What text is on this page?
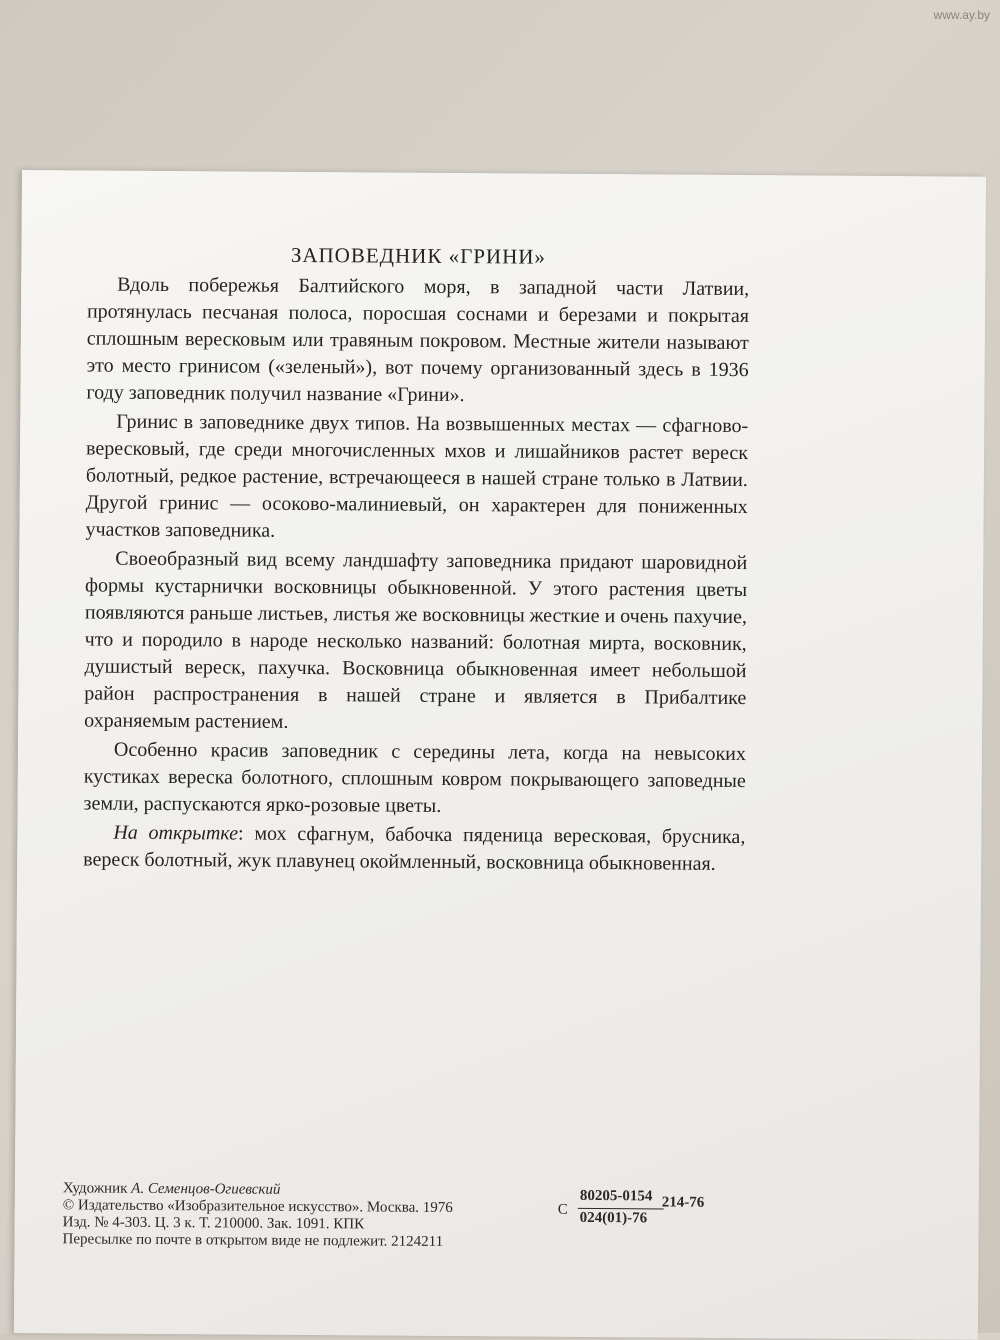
www.ay.by
ЗАПОВЕДНИК «ГРИНИ»

Вдоль побережья Балтийского моря, в западной части Латвии, протянулась песчаная полоса, поросшая соснами и березами и покрытая сплошным вересковым или травяным покровом. Местные жители называют это место гринисом («зеленый»), вот почему организованный здесь в 1936 году заповедник получил название «Грини».

Гринис в заповеднике двух типов. На возвышенных местах — сфагново-вересковый, где среди многочисленных мхов и лишайников растет вереск болотный, редкое растение, встречающееся в нашей стране только в Латвии. Другой гринис — осоково-малиниевый, он характерен для пониженных участков заповедника.

Своеобразный вид всему ландшафту заповедника придают шаровидной формы кустарнички восковницы обыкновенной. У этого растения цветы появляются раньше листьев, листья же восковницы жесткие и очень пахучие, что и породило в народе несколько названий: болотная мирта, восковник, душистый вереск, пахучка. Восковница обыкновенная имеет небольшой район распространения в нашей стране и является в Прибалтике охраняемым растением.

Особенно красив заповедник с середины лета, когда на невысоких кустиках вереска болотного, сплошным ковром покрывающего заповедные земли, распускаются ярко-розовые цветы.

На открытке: мох сфагнум, бабочка пяденица вересковая, брусника, вереск болотный, жук плавунец окоймленный, восковница обыкновенная.

Художник А. Семенцов-Огиевский
© Издательство «Изобразительное искусство». Москва. 1976
Изд. № 4-303. Ц. 3 к. Т. 210000. Зак. 1091. КПК
Пересылке по почте в открытом виде не подлежит. 2124211
С
80205-0154
024(01)-76
214-76
